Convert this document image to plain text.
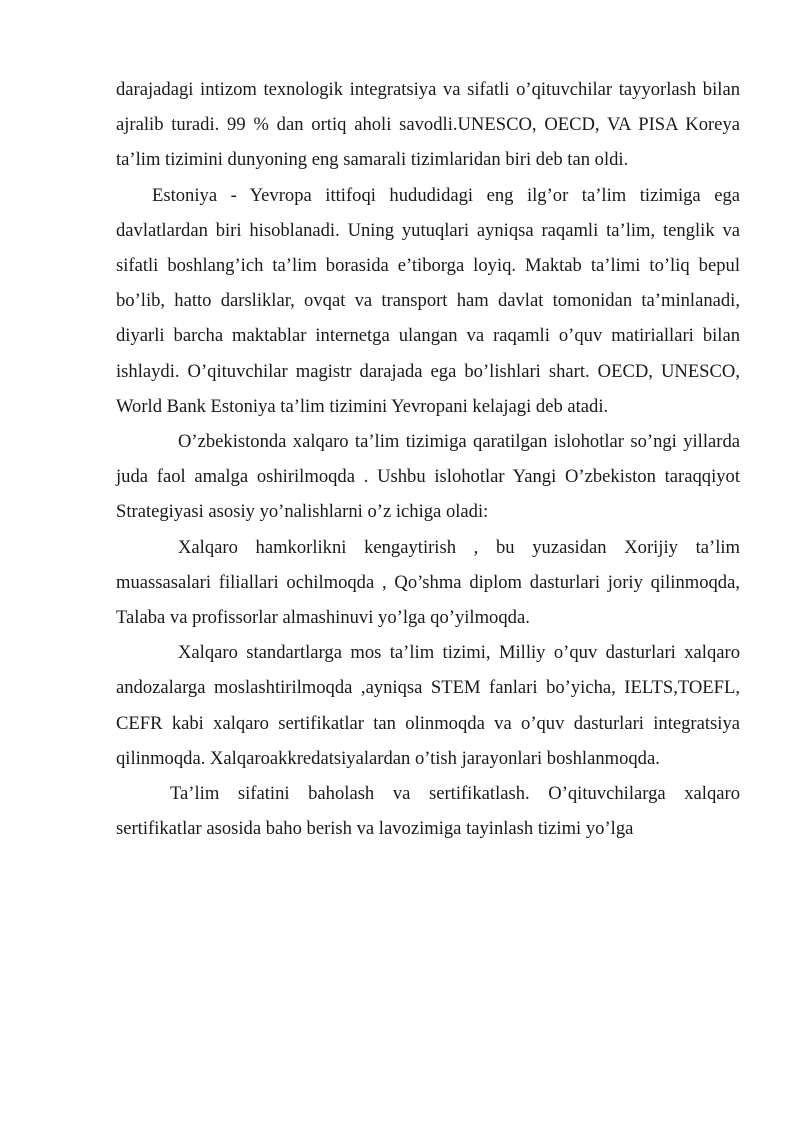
darajadagi intizom texnologik integratsiya va sifatli o’qituvchilar tayyorlash bilan ajralib turadi. 99 % dan ortiq aholi savodli.UNESCO, OECD, VA PISA Koreya ta’lim tizimini dunyoning eng samarali tizimlaridan biri deb tan oldi.

Estoniya - Yevropa ittifoqi hududidagi eng ilg’or ta’lim tizimiga ega davlatlardan biri hisoblanadi. Uning yutuqlari ayniqsa raqamli ta’lim, tenglik va sifatli boshlang’ich ta’lim borasida e’tiborga loyiq. Maktab ta’limi to’liq bepul bo’lib, hatto darsliklar, ovqat va transport ham davlat tomonidan ta’minlanadi, diyarli barcha maktablar internetga ulangan va raqamli o’quv matiriallari bilan ishlaydi. O’qituvchilar magistr darajada ega bo’lishlari shart. OECD, UNESCO, World Bank Estoniya ta’lim tizimini Yevropani kelajagi deb atadi.

O’zbekistonda xalqaro ta’lim tizimiga qaratilgan islohotlar so’ngi yillarda juda faol amalga oshirilmoqda . Ushbu islohotlar Yangi O’zbekiston taraqqiyot Strategiyasi asosiy yo’nalishlarni o’z ichiga oladi:

Xalqaro hamkorlikni kengaytirish , bu yuzasidan Xorijiy ta’lim muassasalari filiallari ochilmoqda , Qo’shma diplom dasturlari joriy qilinmoqda, Talaba va profissorlar almashinuvi yo’lga qo’yilmoqda.

Xalqaro standartlarga mos ta’lim tizimi, Milliy o’quv dasturlari xalqaro andozalarga moslashtirilmoqda ,ayniqsa STEM fanlari bo’yicha, IELTS,TOEFL, CEFR kabi xalqaro sertifikatlar tan olinmoqda va o’quv dasturlari integratsiya qilinmoqda. Xalqaroakkredatsiyalardan o’tish jarayonlari boshlanmoqda.

Ta’lim sifatini baholash va sertifikatlash. O’qituvchilarga xalqaro sertifikatlar asosida baho berish va lavozimiga tayinlash tizimi yo’lga
